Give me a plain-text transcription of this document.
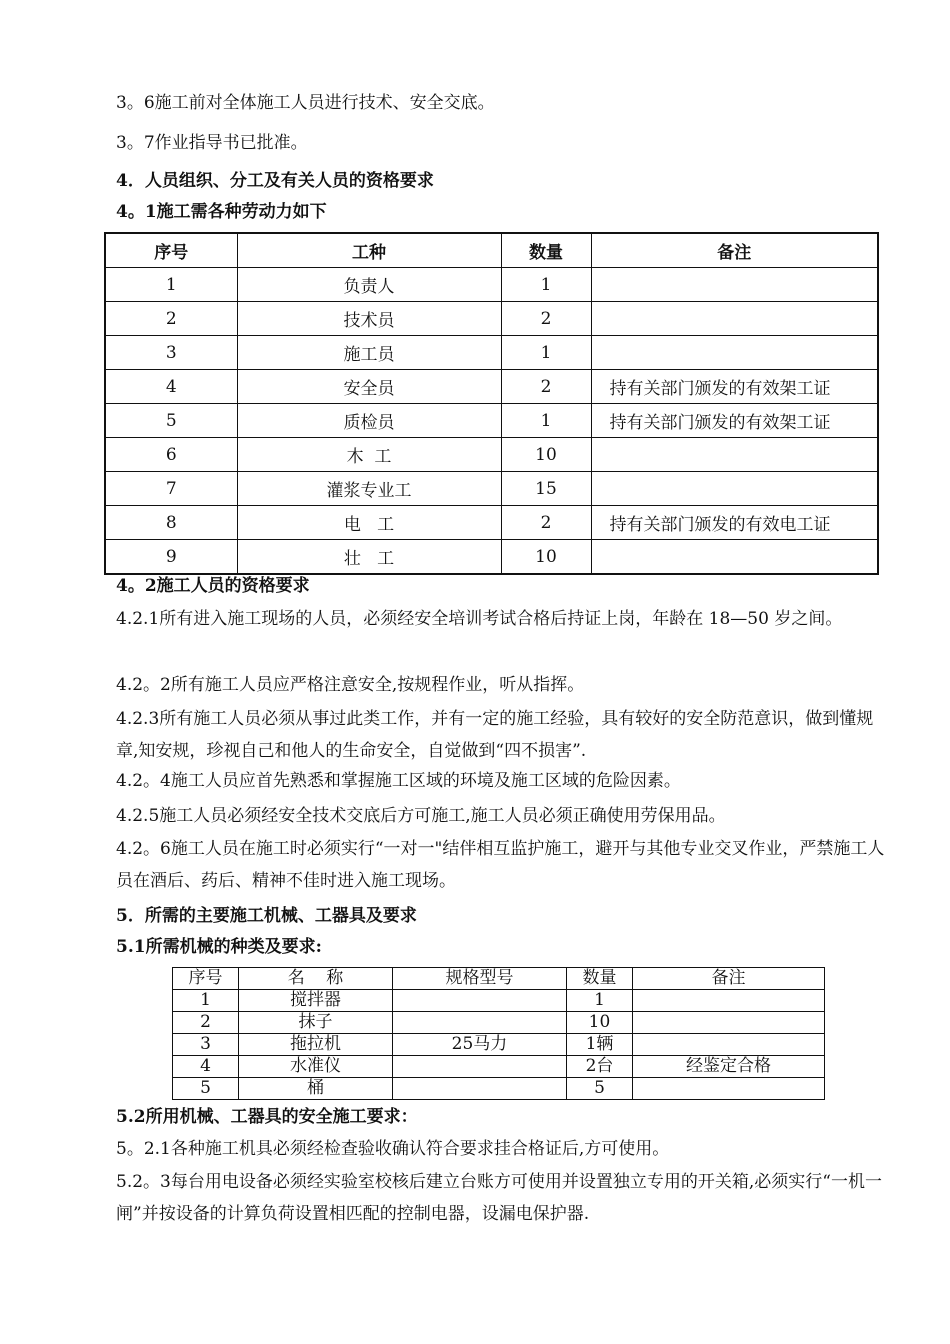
3。6施工前对全体施工人员进行技术、安全交底。
3。7作业指导书已批准。
4．人员组织、分工及有关人员的资格要求
4。1施工需各种劳动力如下
序号	工种	数量	备注
1	负责人	1	
2	技术员	2	
3	施工员	1	
4	安全员	2	持有关部门颁发的有效架工证
5	质检员	1	持有关部门颁发的有效架工证
6	木  工	10	
7	灌浆专业工	15	
8	电   工	2	持有关部门颁发的有效电工证
9	壮   工	10	
4。2施工人员的资格要求
4.2.1所有进入施工现场的人员，必须经安全培训考试合格后持证上岗，年龄在 18—50 岁之间。
4.2。2所有施工人员应严格注意安全,按规程作业，听从指挥。
4.2.3所有施工人员必须从事过此类工作，并有一定的施工经验，具有较好的安全防范意识，做到懂规章,知安规，珍视自己和他人的生命安全，自觉做到“四不损害”.
4.2。4施工人员应首先熟悉和掌握施工区域的环境及施工区域的危险因素。
4.2.5施工人员必须经安全技术交底后方可施工,施工人员必须正确使用劳保用品。
4.2。6施工人员在施工时必须实行“一对一"结伴相互监护施工，避开与其他专业交叉作业，严禁施工人员在酒后、药后、精神不佳时进入施工现场。
5．所需的主要施工机械、工器具及要求
5.1所需机械的种类及要求:
序号	名    称	规格型号	数量	备注
1	搅拌器		1	
2	抹子		10	
3	拖拉机	25马力	1辆	
4	水准仪		2台	经鉴定合格
5	桶		5	
5.2所用机械、工器具的安全施工要求：
5。2.1各种施工机具必须经检查验收确认符合要求挂合格证后,方可使用。
5.2。3每台用电设备必须经实验室校核后建立台账方可使用并设置独立专用的开关箱,必须实行“一机一闸”并按设备的计算负荷设置相匹配的控制电器，设漏电保护器.
